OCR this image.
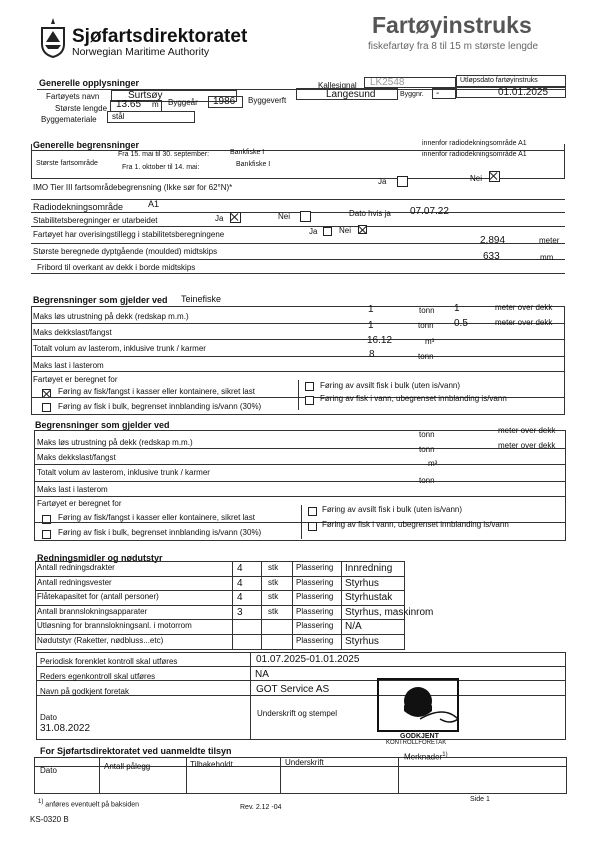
Sjøfartsdirektoratet
Norwegian Maritime Authority
Fartøyinstruks
fiskefartøy fra 8 til 15 m største lengde
Generelle opplysninger
Fartøyets navn	Surtsøy
Kallesignal LK2548	Utløpsdato fartøyinstruks
01.01.2025
Største lengde 13.65 m Byggeår 1986 Byggeverft
Langesund	Byggnr. -
Byggemateriale stål
Generelle begrensninger
Største fartsområde
Fra 15. mai til 30. september:	Bankfiske I
innenfor radiodekningsområde A1
Fra 1. oktober til 14. mai:	Bankfiske I
innenfor radiodekningsområde A1
IMO Tier III fartsområdebegrensning (Ikke sør for 62°N)*
Ja	Nei
Radiodekningsområde	A1
Stabilitetsberegninger er utarbeidet	Ja	Nei	Dato hvis ja 07.07.22
Fartøyet har overisingstillegg i stabilitetsberegningene	Ja	Nei
Største beregnede dyptgående (moulded) midtskips
2,894	meter
Fribord til overkant av dekk i borde midtskips
633	mm
Begrensninger som gjelder ved Teinefiske
Maks løs utrustning på dekk (redskap m.m.)
1	tonn 1	meter over dekk
Maks dekkslast/fangst
1	tonn 0.5	meter over dekk
Totalt volum av lasterom, inklusive trunk / karmer
16.12	m³
Maks last i lasterom
8	tonn
Fartøyet er beregnet for
Føring av fisk/fangst i kasser eller kontainere, sikret last
Føring av avsilt fisk i bulk (uten is/vann)
Føring av fisk i bulk, begrenset innblanding is/vann (30%)
Føring av fisk i vann, ubegrenset innblanding is/vann
Begrensninger som gjelder ved
Maks løs utrustning på dekk (redskap m.m.)
tonn	meter over dekk
Maks dekkslast/fangst
tonn	meter over dekk
Totalt volum av lasterom, inklusive trunk / karmer
m³
Maks last i lasterom
tonn
Fartøyet er beregnet for
Føring av fisk/fangst i kasser eller kontainere, sikret last
Føring av avsilt fisk i bulk (uten is/vann)
Føring av fisk i bulk, begrenset innblanding is/vann (30%)
Føring av fisk i vann, ubegrenset innblanding is/vann
Redningsmidler og nødutstyr
Antall redningsdrakter	4	stk Plassering Innredning
Antall redningsvester	4	stk Plassering Styrhus
Flåtekapasitet for (antall personer)	4	stk Plassering Styrhustak
Antall brannslokningsapparater	3	stk Plassering Styrhus, maskinrom
Utløsning for brannslokningsanl. i motorrom	Plassering N/A
Nødutstyr (Raketter, nødbluss...etc)	Plassering Styrhus
Periodisk forenklet kontroll skal utføres	01.07.2025-01.01.2025
Reders egenkontroll skal utføres	NA
Navn på godkjent foretak	GOT Service AS
Dato
31.08.2022
Underskrift og stempel
GODKJENT
KONTROLLFORETAK
For Sjøfartsdirektoratet ved uanmeldte tilsyn
Dato	Antall pålegg	Tilbakeholdt	Underskrift
Merknader$^{1)}$
$^{1)}$ anføres eventuelt på baksiden
KS-0320 B
Rev. 2.12 -04
Side 1
